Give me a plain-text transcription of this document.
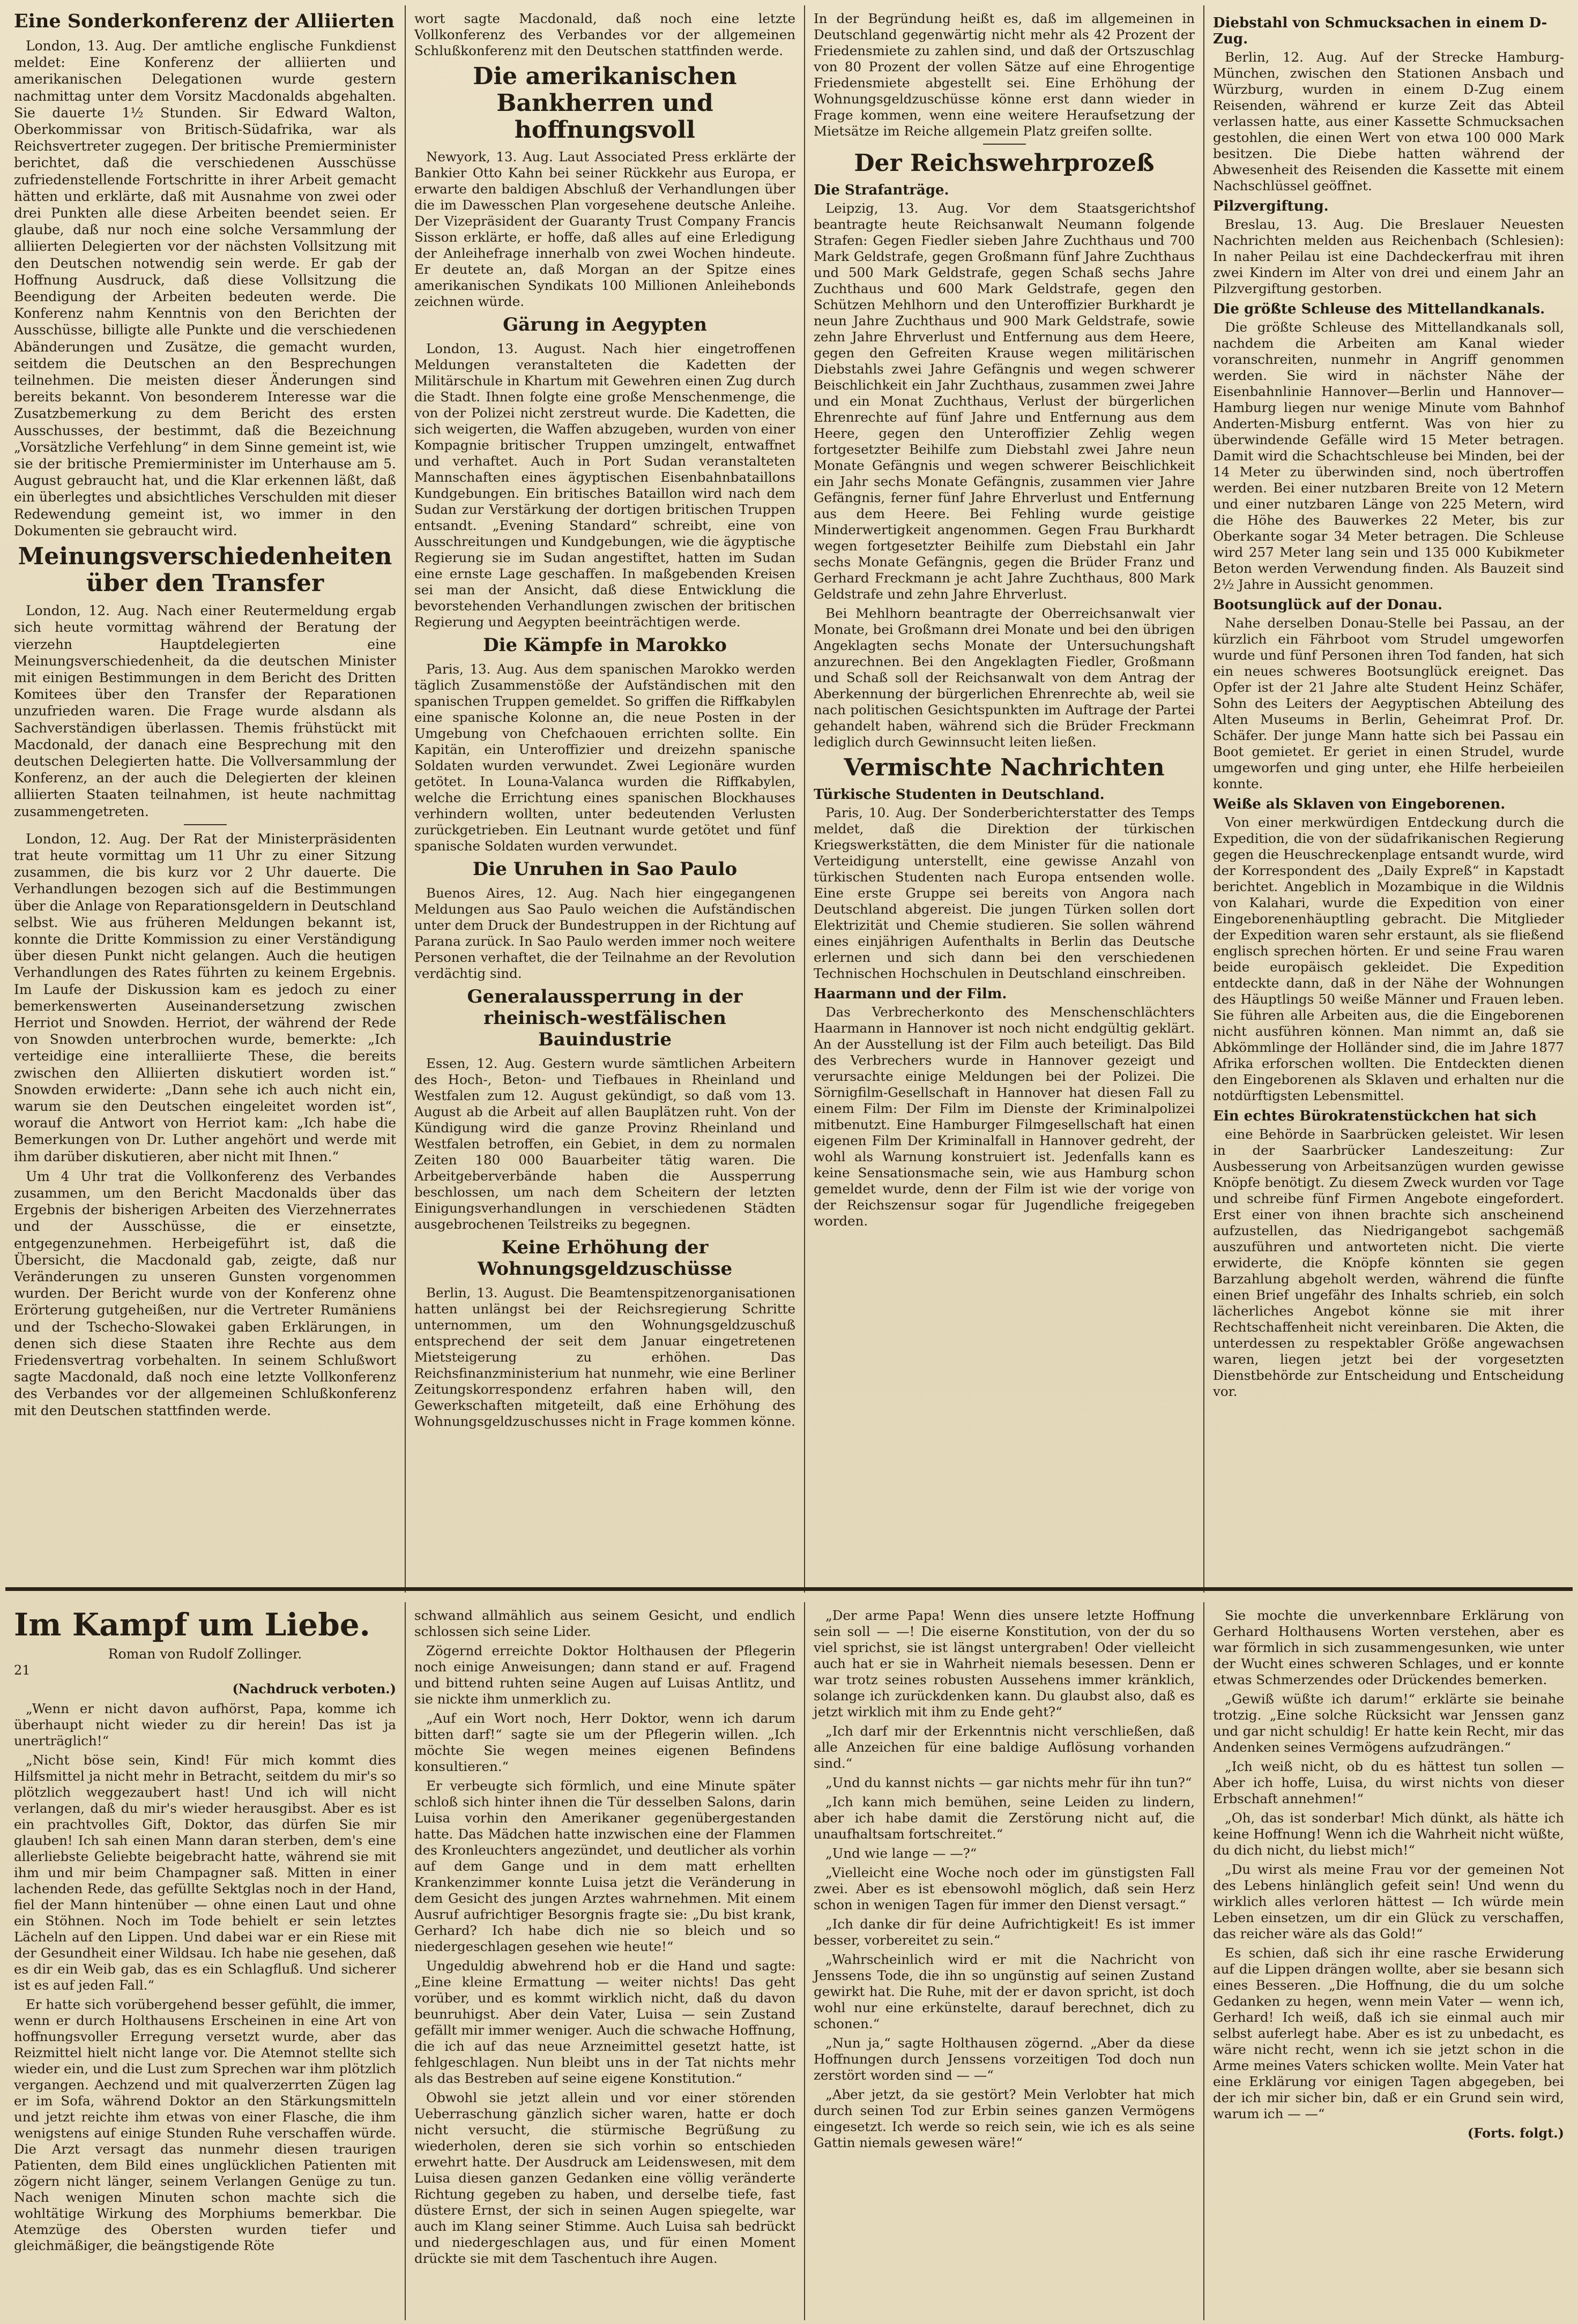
Eine Sonderkonferenz der Alliierten

London, 13. Aug. Der amtliche englische Funkdienst meldet: Eine Konferenz der alliierten und amerikanischen Delegationen wurde gestern nachmittag unter dem Vorsitz Macdonalds abgehalten. Sie dauerte 1½ Stunden. Sir Edward Walton, Oberkommissar von Britisch-Südafrika, war als Reichsvertreter zugegen. Der britische Premierminister berichtet, daß die verschiedenen Ausschüsse zufriedenstellende Fortschritte in ihrer Arbeit gemacht hätten und erklärte, daß mit Ausnahme von zwei oder drei Punkten alle diese Arbeiten beendet seien. Er glaube, daß nur noch eine solche Versammlung der alliierten Delegierten vor der nächsten Vollsitzung mit den Deutschen notwendig sein werde. Er gab der Hoffnung Ausdruck, daß diese Vollsitzung die Beendigung der Arbeiten bedeuten werde. Die Konferenz nahm Kenntnis von den Berichten der Ausschüsse, billigte alle Punkte und die verschiedenen Abänderungen und Zusätze, die gemacht wurden, seitdem die Deutschen an den Besprechungen teilnehmen. Die meisten dieser Änderungen sind bereits bekannt. Von besonderem Interesse war die Zusatzbemerkung zu dem Bericht des ersten Ausschusses, der bestimmt, daß die Bezeichnung „Vorsätzliche Verfehlung“ in dem Sinne gemeint ist, wie sie der britische Premierminister im Unterhause am 5. August gebraucht hat, und die Klar erkennen läßt, daß ein überlegtes und absichtliches Verschulden mit dieser Redewendung gemeint ist, wo immer in den Dokumenten sie gebraucht wird.

Meinungsverschiedenheiten über den Transfer

London, 12. Aug. Nach einer Reutermeldung ergab sich heute vormittag während der Beratung der vierzehn Hauptdelegierten eine Meinungsverschiedenheit, da die deutschen Minister mit einigen Bestimmungen in dem Bericht des Dritten Komitees über den Transfer der Reparationen unzufrieden waren. Die Frage wurde alsdann als Sachverständigen überlassen. Themis frühstückt mit Macdonald, der danach eine Besprechung mit den deutschen Delegierten hatte. Die Vollversammlung der Konferenz, an der auch die Delegierten der kleinen alliierten Staaten teilnahmen, ist heute nachmittag zusammengetreten.

London, 12. Aug. Der Rat der Ministerpräsidenten trat heute vormittag um 11 Uhr zu einer Sitzung zusammen, die bis kurz vor 2 Uhr dauerte. Die Verhandlungen bezogen sich auf die Bestimmungen über die Anlage von Reparationsgeldern in Deutschland selbst. Wie aus früheren Meldungen bekannt ist, konnte die Dritte Kommission zu einer Verständigung über diesen Punkt nicht gelangen. Auch die heutigen Verhandlungen des Rates führten zu keinem Ergebnis. Im Laufe der Diskussion kam es jedoch zu einer bemerkenswerten Auseinandersetzung zwischen Herriot und Snowden. Herriot, der während der Rede von Snowden unterbrochen wurde, bemerkte: „Ich verteidige eine interalliierte These, die bereits zwischen den Alliierten diskutiert worden ist.“ Snowden erwiderte: „Dann sehe ich auch nicht ein, warum sie den Deutschen eingeleitet worden ist“, worauf die Antwort von Herriot kam: „Ich habe die Bemerkungen von Dr. Luther angehört und werde mit ihm darüber diskutieren, aber nicht mit Ihnen.“

Um 4 Uhr trat die Vollkonferenz des Verbandes zusammen, um den Bericht Macdonalds über das Ergebnis der bisherigen Arbeiten des Vierzehnerrates und der Ausschüsse, die er einsetzte, entgegenzunehmen. Herbeigeführt ist, daß die Übersicht, die Macdonald gab, zeigte, daß nur Veränderungen zu unseren Gunsten vorgenommen wurden. Der Bericht wurde von der Konferenz ohne Erörterung gutgeheißen, nur die Vertreter Rumäniens und der Tschecho-Slowakei gaben Erklärungen, in denen sich diese Staaten ihre Rechte aus dem Friedensvertrag vorbehalten. In seinem Schlußwort sagte Macdonald, daß noch eine letzte Vollkonferenz des Verbandes vor der allgemeinen Schlußkonferenz mit den Deutschen stattfinden werde.

wort sagte Macdonald, daß noch eine letzte Vollkonferenz des Verbandes vor der allgemeinen Schlußkonferenz mit den Deutschen stattfinden werde.

Die amerikanischen Bankherren und hoffnungsvoll

Newyork, 13. Aug. Laut Associated Press erklärte der Bankier Otto Kahn bei seiner Rückkehr aus Europa, er erwarte den baldigen Abschluß der Verhandlungen über die im Dawesschen Plan vorgesehene deutsche Anleihe. Der Vizepräsident der Guaranty Trust Company Francis Sisson erklärte, er hoffe, daß alles auf eine Erledigung der Anleihefrage innerhalb von zwei Wochen hindeute. Er deutete an, daß Morgan an der Spitze eines amerikanischen Syndikats 100 Millionen Anleihebonds zeichnen würde.

Gärung in Aegypten

London, 13. August. Nach hier eingetroffenen Meldungen veranstalteten die Kadetten der Militärschule in Khartum mit Gewehren einen Zug durch die Stadt. Ihnen folgte eine große Menschenmenge, die von der Polizei nicht zerstreut wurde. Die Kadetten, die sich weigerten, die Waffen abzugeben, wurden von einer Kompagnie britischer Truppen umzingelt, entwaffnet und verhaftet. Auch in Port Sudan veranstalteten Mannschaften eines ägyptischen Eisenbahnbataillons Kundgebungen. Ein britisches Bataillon wird nach dem Sudan zur Verstärkung der dortigen britischen Truppen entsandt. „Evening Standard“ schreibt, eine von Ausschreitungen und Kundgebungen, wie die ägyptische Regierung sie im Sudan angestiftet, hatten im Sudan eine ernste Lage geschaffen. In maßgebenden Kreisen sei man der Ansicht, daß diese Entwicklung die bevorstehenden Verhandlungen zwischen der britischen Regierung und Aegypten beeinträchtigen werde.

Die Kämpfe in Marokko

Paris, 13. Aug. Aus dem spanischen Marokko werden täglich Zusammenstöße der Aufständischen mit den spanischen Truppen gemeldet. So griffen die Riffkabylen eine spanische Kolonne an, die neue Posten in der Umgebung von Chefchaouen errichten sollte. Ein Kapitän, ein Unteroffizier und dreizehn spanische Soldaten wurden verwundet. Zwei Legionäre wurden getötet. In Louna-Valanca wurden die Riffkabylen, welche die Errichtung eines spanischen Blockhauses verhindern wollten, unter bedeutenden Verlusten zurückgetrieben. Ein Leutnant wurde getötet und fünf spanische Soldaten wurden verwundet.

Die Unruhen in Sao Paulo

Buenos Aires, 12. Aug. Nach hier eingegangenen Meldungen aus Sao Paulo weichen die Aufständischen unter dem Druck der Bundestruppen in der Richtung auf Parana zurück. In Sao Paulo werden immer noch weitere Personen verhaftet, die der Teilnahme an der Revolution verdächtig sind.

Generalaussperrung in der rheinisch-westfälischen Bauindustrie

Essen, 12. Aug. Gestern wurde sämtlichen Arbeitern des Hoch-, Beton- und Tiefbaues in Rheinland und Westfalen zum 12. August gekündigt, so daß vom 13. August ab die Arbeit auf allen Bauplätzen ruht. Von der Kündigung wird die ganze Provinz Rheinland und Westfalen betroffen, ein Gebiet, in dem zu normalen Zeiten 180 000 Bauarbeiter tätig waren. Die Arbeitgeberverbände haben die Aussperrung beschlossen, um nach dem Scheitern der letzten Einigungsverhandlungen in verschiedenen Städten ausgebrochenen Teilstreiks zu begegnen.

Keine Erhöhung der Wohnungsgeldzuschüsse

Berlin, 13. August. Die Beamtenspitzenorganisationen hatten unlängst bei der Reichsregierung Schritte unternommen, um den Wohnungsgeldzuschuß entsprechend der seit dem Januar eingetretenen Mietsteigerung zu erhöhen. Das Reichsfinanzministerium hat nunmehr, wie eine Berliner Zeitungskorrespondenz erfahren haben will, den Gewerkschaften mitgeteilt, daß eine Erhöhung des Wohnungsgeldzuschusses nicht in Frage kommen könne.

In der Begründung heißt es, daß im allgemeinen in Deutschland gegenwärtig nicht mehr als 42 Prozent der Friedensmiete zu zahlen sind, und daß der Ortszuschlag von 80 Prozent der vollen Sätze auf eine Ehrogentige Friedensmiete abgestellt sei. Eine Erhöhung der Wohnungsgeldzuschüsse könne erst dann wieder in Frage kommen, wenn eine weitere Heraufsetzung der Mietsätze im Reiche allgemein Platz greifen sollte.

Der Reichswehrprozeß
Die Strafanträge.

Leipzig, 13. Aug. Vor dem Staatsgerichtshof beantragte heute Reichsanwalt Neumann folgende Strafen: Gegen Fiedler sieben Jahre Zuchthaus und 700 Mark Geldstrafe, gegen Großmann fünf Jahre Zuchthaus und 500 Mark Geldstrafe, gegen Schaß sechs Jahre Zuchthaus und 600 Mark Geldstrafe, gegen den Schützen Mehlhorn und den Unteroffizier Burkhardt je neun Jahre Zuchthaus und 900 Mark Geldstrafe, sowie zehn Jahre Ehrverlust und Entfernung aus dem Heere, gegen den Gefreiten Krause wegen militärischen Diebstahls zwei Jahre Gefängnis und wegen schwerer Beischlichkeit ein Jahr Zuchthaus, zusammen zwei Jahre und ein Monat Zuchthaus, Verlust der bürgerlichen Ehrenrechte auf fünf Jahre und Entfernung aus dem Heere, gegen den Unteroffizier Zehlig wegen fortgesetzter Beihilfe zum Diebstahl zwei Jahre neun Monate Gefängnis und wegen schwerer Beischlichkeit ein Jahr sechs Monate Gefängnis, zusammen vier Jahre Gefängnis, ferner fünf Jahre Ehrverlust und Entfernung aus dem Heere. Bei Fehling wurde geistige Minderwertigkeit angenommen. Gegen Frau Burkhardt wegen fortgesetzter Beihilfe zum Diebstahl ein Jahr sechs Monate Gefängnis, gegen die Brüder Franz und Gerhard Freckmann je acht Jahre Zuchthaus, 800 Mark Geldstrafe und zehn Jahre Ehrverlust.

Bei Mehlhorn beantragte der Oberreichsanwalt vier Monate, bei Großmann drei Monate und bei den übrigen Angeklagten sechs Monate der Untersuchungshaft anzurechnen. Bei den Angeklagten Fiedler, Großmann und Schaß soll der Reichsanwalt von dem Antrag der Aberkennung der bürgerlichen Ehrenrechte ab, weil sie nach politischen Gesichtspunkten im Auftrage der Partei gehandelt haben, während sich die Brüder Freckmann lediglich durch Gewinnsucht leiten ließen.

Vermischte Nachrichten
Türkische Studenten in Deutschland.

Paris, 10. Aug. Der Sonderberichterstatter des Temps meldet, daß die Direktion der türkischen Kriegswerkstätten, die dem Minister für die nationale Verteidigung unterstellt, eine gewisse Anzahl von türkischen Studenten nach Europa entsenden wolle. Eine erste Gruppe sei bereits von Angora nach Deutschland abgereist. Die jungen Türken sollen dort Elektrizität und Chemie studieren. Sie sollen während eines einjährigen Aufenthalts in Berlin das Deutsche erlernen und sich dann bei den verschiedenen Technischen Hochschulen in Deutschland einschreiben.

Haarmann und der Film.

Das Verbrecherkonto des Menschenschlächters Haarmann in Hannover ist noch nicht endgültig geklärt. An der Ausstellung ist der Film auch beteiligt. Das Bild des Verbrechers wurde in Hannover gezeigt und verursachte einige Meldungen bei der Polizei. Die Sörnigfilm-Gesellschaft in Hannover hat diesen Fall zu einem Film: Der Film im Dienste der Kriminalpolizei mitbenutzt. Eine Hamburger Filmgesellschaft hat einen eigenen Film Der Kriminalfall in Hannover gedreht, der wohl als Warnung konstruiert ist. Jedenfalls kann es keine Sensationsmache sein, wie aus Hamburg schon gemeldet wurde, denn der Film ist wie der vorige von der Reichszensur sogar für Jugendliche freigegeben worden.

Diebstahl von Schmucksachen in einem D-Zug.

Berlin, 12. Aug. Auf der Strecke Hamburg-München, zwischen den Stationen Ansbach und Würzburg, wurden in einem D-Zug einem Reisenden, während er kurze Zeit das Abteil verlassen hatte, aus einer Kassette Schmucksachen gestohlen, die einen Wert von etwa 100 000 Mark besitzen. Die Diebe hatten während der Abwesenheit des Reisenden die Kassette mit einem Nachschlüssel geöffnet.

Pilzvergiftung.

Breslau, 13. Aug. Die Breslauer Neuesten Nachrichten melden aus Reichenbach (Schlesien): In naher Peilau ist eine Dachdeckerfrau mit ihren zwei Kindern im Alter von drei und einem Jahr an Pilzvergiftung gestorben.

Die größte Schleuse des Mittellandkanals.

Die größte Schleuse des Mittellandkanals soll, nachdem die Arbeiten am Kanal wieder voranschreiten, nunmehr in Angriff genommen werden. Sie wird in nächster Nähe der Eisenbahnlinie Hannover—Berlin und Hannover—Hamburg liegen nur wenige Minute vom Bahnhof Anderten-Misburg entfernt. Was von hier zu überwindende Gefälle wird 15 Meter betragen. Damit wird die Schachtschleuse bei Minden, bei der 14 Meter zu überwinden sind, noch übertroffen werden. Bei einer nutzbaren Breite von 12 Metern und einer nutzbaren Länge von 225 Metern, wird die Höhe des Bauwerkes 22 Meter, bis zur Oberkante sogar 34 Meter betragen. Die Schleuse wird 257 Meter lang sein und 135 000 Kubikmeter Beton werden Verwendung finden. Als Bauzeit sind 2½ Jahre in Aussicht genommen.

Bootsunglück auf der Donau.

Nahe derselben Donau-Stelle bei Passau, an der kürzlich ein Fährboot vom Strudel umgeworfen wurde und fünf Personen ihren Tod fanden, hat sich ein neues schweres Bootsunglück ereignet. Das Opfer ist der 21 Jahre alte Student Heinz Schäfer, Sohn des Leiters der Aegyptischen Abteilung des Alten Museums in Berlin, Geheimrat Prof. Dr. Schäfer. Der junge Mann hatte sich bei Passau ein Boot gemietet. Er geriet in einen Strudel, wurde umgeworfen und ging unter, ehe Hilfe herbeieilen konnte.

Weiße als Sklaven von Eingeborenen.

Von einer merkwürdigen Entdeckung durch die Expedition, die von der südafrikanischen Regierung gegen die Heuschreckenplage entsandt wurde, wird der Korrespondent des „Daily Expreß“ in Kapstadt berichtet. Angeblich in Mozambique in die Wildnis von Kalahari, wurde die Expedition von einer Eingeborenenhäuptling gebracht. Die Mitglieder der Expedition waren sehr erstaunt, als sie fließend englisch sprechen hörten. Er und seine Frau waren beide europäisch gekleidet. Die Expedition entdeckte dann, daß in der Nähe der Wohnungen des Häuptlings 50 weiße Männer und Frauen leben. Sie führen alle Arbeiten aus, die die Eingeborenen nicht ausführen können. Man nimmt an, daß sie Abkömmlinge der Holländer sind, die im Jahre 1877 Afrika erforschen wollten. Die Entdeckten dienen den Eingeborenen als Sklaven und erhalten nur die notdürftigsten Lebensmittel.

Ein echtes Bürokratenstückchen hat sich

eine Behörde in Saarbrücken geleistet. Wir lesen in der Saarbrücker Landeszeitung: Zur Ausbesserung von Arbeitsanzügen wurden gewisse Knöpfe benötigt. Zu diesem Zweck wurden vor Tage und schreibe fünf Firmen Angebote eingefordert. Erst einer von ihnen brachte sich anscheinend aufzustellen, das Niedrigangebot sachgemäß auszuführen und antworteten nicht. Die vierte erwiderte, die Knöpfe könnten sie gegen Barzahlung abgeholt werden, während die fünfte einen Brief ungefähr des Inhalts schrieb, ein solch lächerliches Angebot könne sie mit ihrer Rechtschaffenheit nicht vereinbaren. Die Akten, die unterdessen zu respektabler Größe angewachsen waren, liegen jetzt bei der vorgesetzten Dienstbehörde zur Entscheidung und Entscheidung vor.

Im Kampf um Liebe.
Roman von Rudolf Zollinger.
21
(Nachdruck verboten.)

„Wenn er nicht davon aufhörst, Papa, komme ich überhaupt nicht wieder zu dir herein! Das ist ja unerträglich!“

„Nicht böse sein, Kind! Für mich kommt dies Hilfsmittel ja nicht mehr in Betracht, seitdem du mir's so plötzlich weggezaubert hast! Und ich will nicht verlangen, daß du mir's wieder herausgibst. Aber es ist ein prachtvolles Gift, Doktor, das dürfen Sie mir glauben! Ich sah einen Mann daran sterben, dem's eine allerliebste Geliebte beigebracht hatte, während sie mit ihm und mir beim Champagner saß. Mitten in einer lachenden Rede, das gefüllte Sektglas noch in der Hand, fiel der Mann hintenüber — ohne einen Laut und ohne ein Stöhnen. Noch im Tode behielt er sein letztes Lächeln auf den Lippen. Und dabei war er ein Riese mit der Gesundheit einer Wildsau. Ich habe nie gesehen, daß es dir ein Weib gab, das es ein Schlagfluß. Und sicherer ist es auf jeden Fall.“

Er hatte sich vorübergehend besser gefühlt, die immer, wenn er durch Holthausens Erscheinen in eine Art von hoffnungsvoller Erregung versetzt wurde, aber das Reizmittel hielt nicht lange vor. Die Atemnot stellte sich wieder ein, und die Lust zum Sprechen war ihm plötzlich vergangen. Aechzend und mit qualverzerrten Zügen lag er im Sofa, während Doktor an den Stärkungsmitteln und jetzt reichte ihm etwas von einer Flasche, die ihm wenigstens auf einige Stunden Ruhe verschaffen würde. Die Arzt versagt das nunmehr diesen traurigen Patienten, dem Bild eines unglücklichen Patienten mit zögern nicht länger, seinem Verlangen Genüge zu tun. Nach wenigen Minuten schon machte sich die wohltätige Wirkung des Morphiums bemerkbar. Die Atemzüge des Obersten wurden tiefer und gleichmäßiger, die beängstigende Röte

schwand allmählich aus seinem Gesicht, und endlich schlossen sich seine Lider.

Zögernd erreichte Doktor Holthausen der Pflegerin noch einige Anweisungen; dann stand er auf. Fragend und bittend ruhten seine Augen auf Luisas Antlitz, und sie nickte ihm unmerklich zu.

„Auf ein Wort noch, Herr Doktor, wenn ich darum bitten darf!“ sagte sie um der Pflegerin willen. „Ich möchte Sie wegen meines eigenen Befindens konsultieren.“

Er verbeugte sich förmlich, und eine Minute später schloß sich hinter ihnen die Tür desselben Salons, darin Luisa vorhin den Amerikaner gegenübergestanden hatte. Das Mädchen hatte inzwischen eine der Flammen des Kronleuchters angezündet, und deutlicher als vorhin auf dem Gange und in dem matt erhellten Krankenzimmer konnte Luisa jetzt die Veränderung in dem Gesicht des jungen Arztes wahrnehmen. Mit einem Ausruf aufrichtiger Besorgnis fragte sie: „Du bist krank, Gerhard? Ich habe dich nie so bleich und so niedergeschlagen gesehen wie heute!“

Ungeduldig abwehrend hob er die Hand und sagte: „Eine kleine Ermattung — weiter nichts! Das geht vorüber, und es kommt wirklich nicht, daß du davon beunruhigst. Aber dein Vater, Luisa — sein Zustand gefällt mir immer weniger. Auch die schwache Hoffnung, die ich auf das neue Arzneimittel gesetzt hatte, ist fehlgeschlagen. Nun bleibt uns in der Tat nichts mehr als das Bestreben auf seine eigene Konstitution.“

Obwohl sie jetzt allein und vor einer störenden Ueberraschung gänzlich sicher waren, hatte er doch nicht versucht, die stürmische Begrüßung zu wiederholen, deren sie sich vorhin so entschieden erwehrt hatte. Der Ausdruck am Leidenswesen, mit dem Luisa diesen ganzen Gedanken eine völlig veränderte Richtung gegeben zu haben, und derselbe tiefe, fast düstere Ernst, der sich in seinen Augen spiegelte, war auch im Klang seiner Stimme. Auch Luisa sah bedrückt und niedergeschlagen aus, und für einen Moment drückte sie mit dem Taschentuch ihre Augen.

„Der arme Papa! Wenn dies unsere letzte Hoffnung sein soll — —! Die eiserne Konstitution, von der du so viel sprichst, sie ist längst untergraben! Oder vielleicht auch hat er sie in Wahrheit niemals besessen. Denn er war trotz seines robusten Aussehens immer kränklich, solange ich zurückdenken kann. Du glaubst also, daß es jetzt wirklich mit ihm zu Ende geht?“

„Ich darf mir der Erkenntnis nicht verschließen, daß alle Anzeichen für eine baldige Auflösung vorhanden sind.“

„Und du kannst nichts — gar nichts mehr für ihn tun?“

„Ich kann mich bemühen, seine Leiden zu lindern, aber ich habe damit die Zerstörung nicht auf, die unaufhaltsam fortschreitet.“

„Und wie lange — —?“

„Vielleicht eine Woche noch oder im günstigsten Fall zwei. Aber es ist ebensowohl möglich, daß sein Herz schon in wenigen Tagen für immer den Dienst versagt.“

„Ich danke dir für deine Aufrichtigkeit! Es ist immer besser, vorbereitet zu sein.“

„Wahrscheinlich wird er mit die Nachricht von Jenssens Tode, die ihn so ungünstig auf seinen Zustand gewirkt hat. Die Ruhe, mit der er davon spricht, ist doch wohl nur eine erkünstelte, darauf berechnet, dich zu schonen.“

„Nun ja,“ sagte Holthausen zögernd. „Aber da diese Hoffnungen durch Jenssens vorzeitigen Tod doch nun zerstört worden sind — —“

„Aber jetzt, da sie gestört? Mein Verlobter hat mich durch seinen Tod zur Erbin seines ganzen Vermögens eingesetzt. Ich werde so reich sein, wie ich es als seine Gattin niemals gewesen wäre!“

Sie mochte die unverkennbare Erklärung von Gerhard Holthausens Worten verstehen, aber es war förmlich in sich zusammengesunken, wie unter der Wucht eines schweren Schlages, und er konnte etwas Schmerzendes oder Drückendes bemerken.

„Gewiß wüßte ich darum!“ erklärte sie beinahe trotzig. „Eine solche Rücksicht war Jenssen ganz und gar nicht schuldig! Er hatte kein Recht, mir das Andenken seines Vermögens aufzudrängen.“

„Ich weiß nicht, ob du es hättest tun sollen — Aber ich hoffe, Luisa, du wirst nichts von dieser Erbschaft annehmen!“

„Oh, das ist sonderbar! Mich dünkt, als hätte ich keine Hoffnung! Wenn ich die Wahrheit nicht wüßte, du dich nicht, du liebst mich!“

„Du wirst als meine Frau vor der gemeinen Not des Lebens hinlänglich gefeit sein! Und wenn du wirklich alles verloren hättest — Ich würde mein Leben einsetzen, um dir ein Glück zu verschaffen, das reicher wäre als das Gold!“

Es schien, daß sich ihr eine rasche Erwiderung auf die Lippen drängen wollte, aber sie besann sich eines Besseren. „Die Hoffnung, die du um solche Gedanken zu hegen, wenn mein Vater — wenn ich, Gerhard! Ich weiß, daß ich sie einmal auch mir selbst auferlegt habe. Aber es ist zu unbedacht, es wäre nicht recht, wenn ich sie jetzt schon in die Arme meines Vaters schicken wollte. Mein Vater hat eine Erklärung vor einigen Tagen abgegeben, bei der ich mir sicher bin, daß er ein Grund sein wird, warum ich — —“

(Forts. folgt.)
